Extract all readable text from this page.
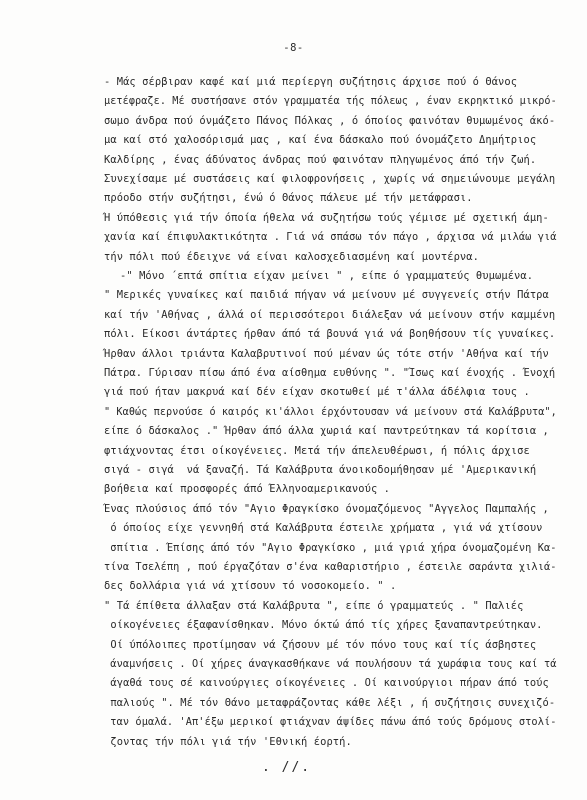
-8-
- Μάς σέρβιραν καφέ καί μιά περίεργη συζήτησις άρχισε πού ό Θάνος
μετέφραζε. Μέ συστήσανε στόν γραμματέα τής πόλεως , έναν εκρηκτικό μικρό-
σωμο άνδρα πού όνμάζετο Πάνος Πόλκας , ό όποίος φαινόταν θυμωμένος άκό-
μα καί στό χαλοσόρισμά μας , καί ένα δάσκαλο πού όνομάζετο Δημήτριος
Καλδίρης , ένας άδύνατος άνδρας πού φαινόταν πληγωμένος άπό τήν ζωή.
Συνεχίσαμε μέ συστάσεις καί φιλοφρονήσεις , χωρίς νά σημειώνουμε μεγάλη
πρόοδο στήν συζήτησι, ένώ ό Θάνος πάλευε μέ τήν μετάφρασι.
Ή ύπόθεσις γιά τήν όποία ήθελα νά συζητήσω τούς γέμισε μέ σχετική άμη-
χανία καί έπιφυλακτικότητα . Γιά νά σπάσω τόν πάγο , άρχισα νά μιλάω γιά
τήν πόλι πού έδειχνε νά είναι καλοσχεδιασμένη καί μοντέρνα.
-" Μόνο ´επτά σπίτια είχαν μείνει " , είπε ό γραμματεύς θυμωμένα.
" Μερικές γυναίκες καί παιδιά πήγαν νά μείνουν μέ συγγενείς στήν Πάτρα
καί τήν 'Αθήνας , άλλά οί περισσότεροι διάλεξαν νά μείνουν στήν καμμένη
πόλι. Είκοσι άντάρτες ήρθαν άπό τά βουνά γιά νά βοηθήσουν τίς γυναίκες.
Ήρθαν άλλοι τριάντα Καλαβρυτινοί πού μέναν ώς τότε στήν 'Αθήνα καί τήν
Πάτρα. Γύρισαν πίσω άπό ένα αίσθημα ευθύνης ". "Ίσως καί ένοχής . Ένοχή
γιά πού ήταν μακρυά καί δέν είχαν σκοτωθεί μέ τ'άλλα άδέλφια τους .
" Καθώς περνούσε ό καιρός κι'άλλοι έρχόντουσαν νά μείνουν στά Καλάβρυτα",
είπε ό δάσκαλος ." Ήρθαν άπό άλλα χωριά καί παντρεύτηκαν τά κορίτσια ,
φτιάχνοντας έτσι οίκογένειες. Μετά τήν άπελευθέρωσι, ή πόλις άρχισε
σιγά - σιγά  νά ξαναζή. Τά Καλάβρυτα άνοικοδομήθησαν μέ 'Αμερικανική
βοήθεια καί προσφορές άπό Έλληνοαμερικανούς .
Ένας πλούσιος άπό τόν "Αγιο Φραγκίσκο όνομαζόμενος "Αγγελος Παμπαλής ,
ό όποίος είχε γεννηθή στά Καλάβρυτα έστειλε χρήματα , γιά νά χτίσουν
σπίτια . Έπίσης άπό τόν "Αγιο Φραγκίσκο , μιά γριά χήρα όνομαζομένη Κα-
τίνα Τσελέπη , πού έργαζόταν σ'ένα καθαριστήριο , έστειλε σαράντα χιλιά-
δες δολλάρια γιά νά χτίσουν τό νοσοκομείο. " .
" Τά έπίθετα άλλαξαν στά Καλάβρυτα ", είπε ό γραμματεύς . " Παλιές
οίκογένειες έξαφανίσθηκαν. Μόνο όκτώ άπό τίς χήρες ξαναπαντρεύτηκαν.
Οί ύπόλοιπες προτίμησαν νά ζήσουν μέ τόν πόνο τους καί τίς άσβηστες
άναμνήσεις . Οί χήρες άναγκασθήκανε νά πουλήσουν τά χωράφια τους καί τά
άγαθά τους σέ καινούργιες οίκογένειες . Οί καινούργιοι πήραν άπό τούς
παλιούς ". Μέ τόν Θάνο μεταφράζοντας κάθε λέξι , ή συζήτησις συνεχιζό-
ταν όμαλά. 'Απ'έξω μερικοί φτιάχναν άψίδες πάνω άπό τούς δρόμους στολί-
ζοντας τήν πόλι γιά τήν 'Εθνική έορτή.
. //.
